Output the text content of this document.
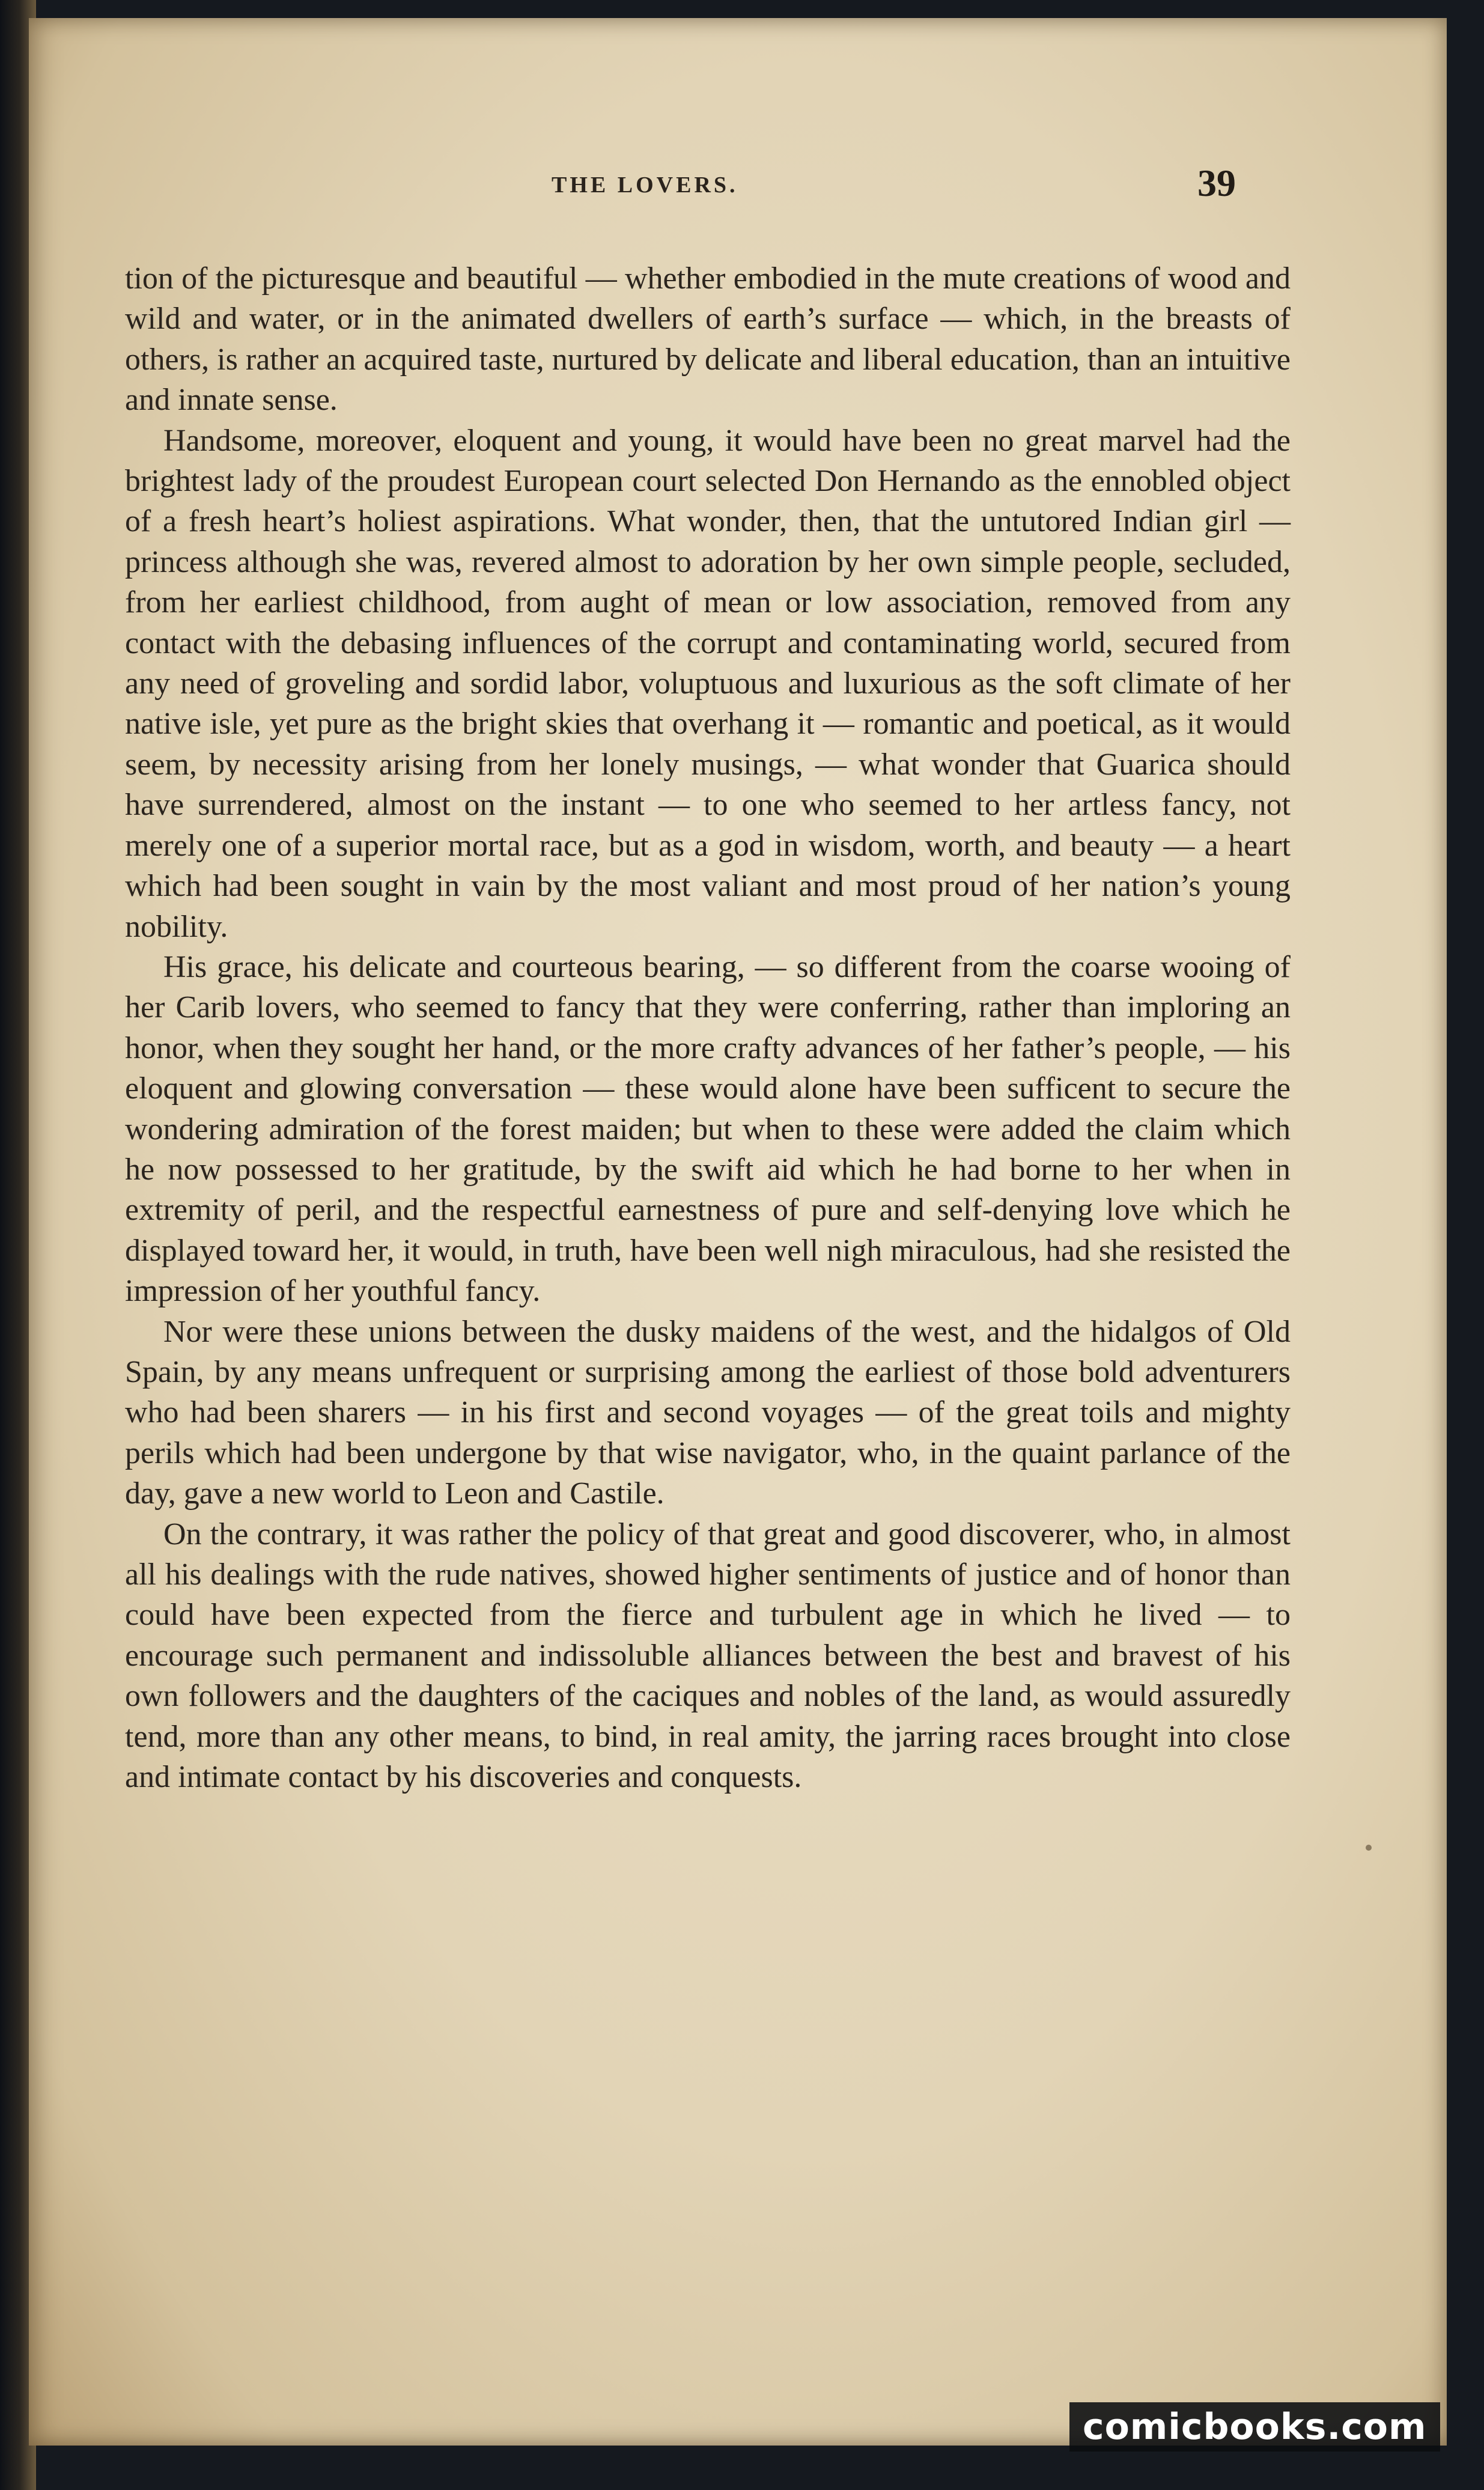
THE LOVERS.	39

tion of the picturesque and beautiful — whether embodied in the mute creations of wood and wild and water, or in the animated dwellers of earth’s surface — which, in the breasts of others, is rather an acquired taste, nurtured by delicate and liberal education, than an intuitive and innate sense.

Handsome, moreover, eloquent and young, it would have been no great marvel had the brightest lady of the proudest European court selected Don Hernando as the ennobled object of a fresh heart’s holiest aspirations. What wonder, then, that the untutored Indian girl — princess although she was, revered almost to adoration by her own simple people, secluded, from her earliest childhood, from aught of mean or low association, removed from any contact with the debasing influences of the corrupt and contaminating world, secured from any need of groveling and sordid labor, voluptuous and luxurious as the soft climate of her native isle, yet pure as the bright skies that overhang it — romantic and poetical, as it would seem, by necessity arising from her lonely musings, — what wonder that Guarica should have surrendered, almost on the instant — to one who seemed to her artless fancy, not merely one of a superior mortal race, but as a god in wisdom, worth, and beauty — a heart which had been sought in vain by the most valiant and most proud of her nation’s young nobility.

His grace, his delicate and courteous bearing, — so different from the coarse wooing of her Carib lovers, who seemed to fancy that they were conferring, rather than imploring an honor, when they sought her hand, or the more crafty advances of her father’s people, — his eloquent and glowing conversation — these would alone have been sufficent to secure the wondering admiration of the forest maiden; but when to these were added the claim which he now possessed to her gratitude, by the swift aid which he had borne to her when in extremity of peril, and the respectful earnestness of pure and self-denying love which he displayed toward her, it would, in truth, have been well nigh miraculous, had she resisted the impression of her youthful fancy.

Nor were these unions between the dusky maidens of the west, and the hidalgos of Old Spain, by any means unfrequent or surprising among the earliest of those bold adventurers who had been sharers — in his first and second voyages — of the great toils and mighty perils which had been undergone by that wise navigator, who, in the quaint parlance of the day, gave a new world to Leon and Castile.

On the contrary, it was rather the policy of that great and good discoverer, who, in almost all his dealings with the rude natives, showed higher sentiments of justice and of honor than could have been expected from the fierce and turbulent age in which he lived — to encourage such permanent and indissoluble alliances between the best and bravest of his own followers and the daughters of the caciques and nobles of the land, as would assuredly tend, more than any other means, to bind, in real amity, the jarring races brought into close and intimate contact by his discoveries and conquests.

comicbooks.com
